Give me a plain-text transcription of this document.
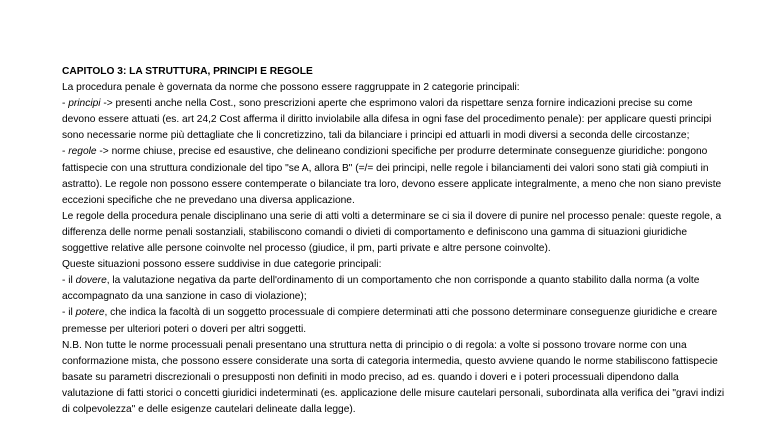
CAPITOLO 3: LA STRUTTURA, PRINCIPI E REGOLE

La procedura penale è governata da norme che possono essere raggruppate in 2 categorie principali:

- principi -> presenti anche nella Cost., sono prescrizioni aperte che esprimono valori da rispettare senza fornire indicazioni precise su come devono essere attuati (es. art 24,2 Cost afferma il diritto inviolabile alla difesa in ogni fase del procedimento penale): per applicare questi principi sono necessarie norme più dettagliate che li concretizzino, tali da bilanciare i principi ed attuarli in modi diversi a seconda delle circostanze;

- regole -> norme chiuse, precise ed esaustive, che delineano condizioni specifiche per produrre determinate conseguenze giuridiche: pongono fattispecie con una struttura condizionale del tipo "se A, allora B" (=/= dei principi, nelle regole i bilanciamenti dei valori sono stati già compiuti in astratto). Le regole non possono essere contemperate o bilanciate tra loro, devono essere applicate integralmente, a meno che non siano previste eccezioni specifiche che ne prevedano una diversa applicazione.

Le regole della procedura penale disciplinano una serie di atti volti a determinare se ci sia il dovere di punire nel processo penale: queste regole, a differenza delle norme penali sostanziali, stabiliscono comandi o divieti di comportamento e definiscono una gamma di situazioni giuridiche soggettive relative alle persone coinvolte nel processo (giudice, il pm, parti private e altre persone coinvolte).

Queste situazioni possono essere suddivise in due categorie principali:

- il dovere, la valutazione negativa da parte dell'ordinamento di un comportamento che non corrisponde a quanto stabilito dalla norma (a volte accompagnato da una sanzione in caso di violazione);

- il potere, che indica la facoltà di un soggetto processuale di compiere determinati atti che possono determinare conseguenze giuridiche e creare premesse per ulteriori poteri o doveri per altri soggetti.

N.B. Non tutte le norme processuali penali presentano una struttura netta di principio o di regola: a volte si possono trovare norme con una conformazione mista, che possono essere considerate una sorta di categoria intermedia, questo avviene quando le norme stabiliscono fattispecie basate su parametri discrezionali o presupposti non definiti in modo preciso, ad es. quando i doveri e i poteri processuali dipendono dalla valutazione di fatti storici o concetti giuridici indeterminati (es. applicazione delle misure cautelari personali, subordinata alla verifica dei "gravi indizi di colpevolezza" e delle esigenze cautelari delineate dalla legge).
